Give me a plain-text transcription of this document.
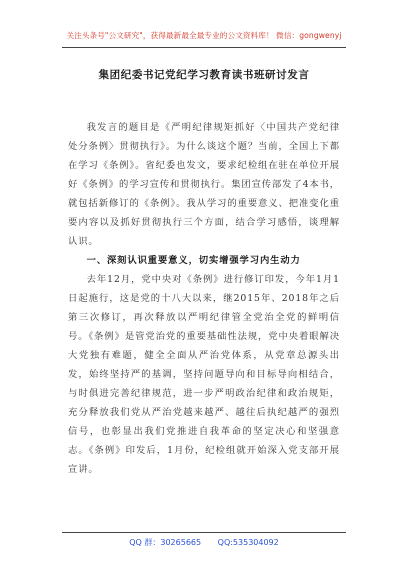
关注头条号"公文研究"，获得最新最全最专业的公文资料库！ 微信：gongwenyj
集团纪委书记党纪学习教育读书班研讨发言

我发言的题目是《严明纪律规矩抓好〈中国共产党纪律处分条例〉贯彻执行》。为什么谈这个题？当前，全国上下都在学习《条例》。省纪委也发文，要求纪检组在驻在单位开展好《条例》的学习宣传和贯彻执行。集团宣传部发了4本书，就包括新修订的《条例》。我从学习的重要意义、把准变化重要内容以及抓好贯彻执行三个方面，结合学习感悟，谈理解认识。

一、深刻认识重要意义，切实增强学习内生动力

去年12月，党中央对《条例》进行修订印发，今年1月1日起施行，这是党的十八大以来，继2015年、2018年之后第三次修订，再次释放以严明纪律管全党治全党的鲜明信号。《条例》是管党治党的重要基础性法规，党中央着眼解决大党独有难题，健全全面从严治党体系，从党章总源头出发，始终坚持严的基调，坚持问题导向和目标导向相结合，与时俱进完善纪律规范，进一步严明政治纪律和政治规矩，充分释放我们党从严治党越来越严、越往后执纪越严的强烈信号，也彰显出我们党推进自我革命的坚定决心和坚强意志。《条例》印发后，1月份，纪检组就开始深入党支部开展宣讲。

QQ 群：30265665 QQ:535304092
